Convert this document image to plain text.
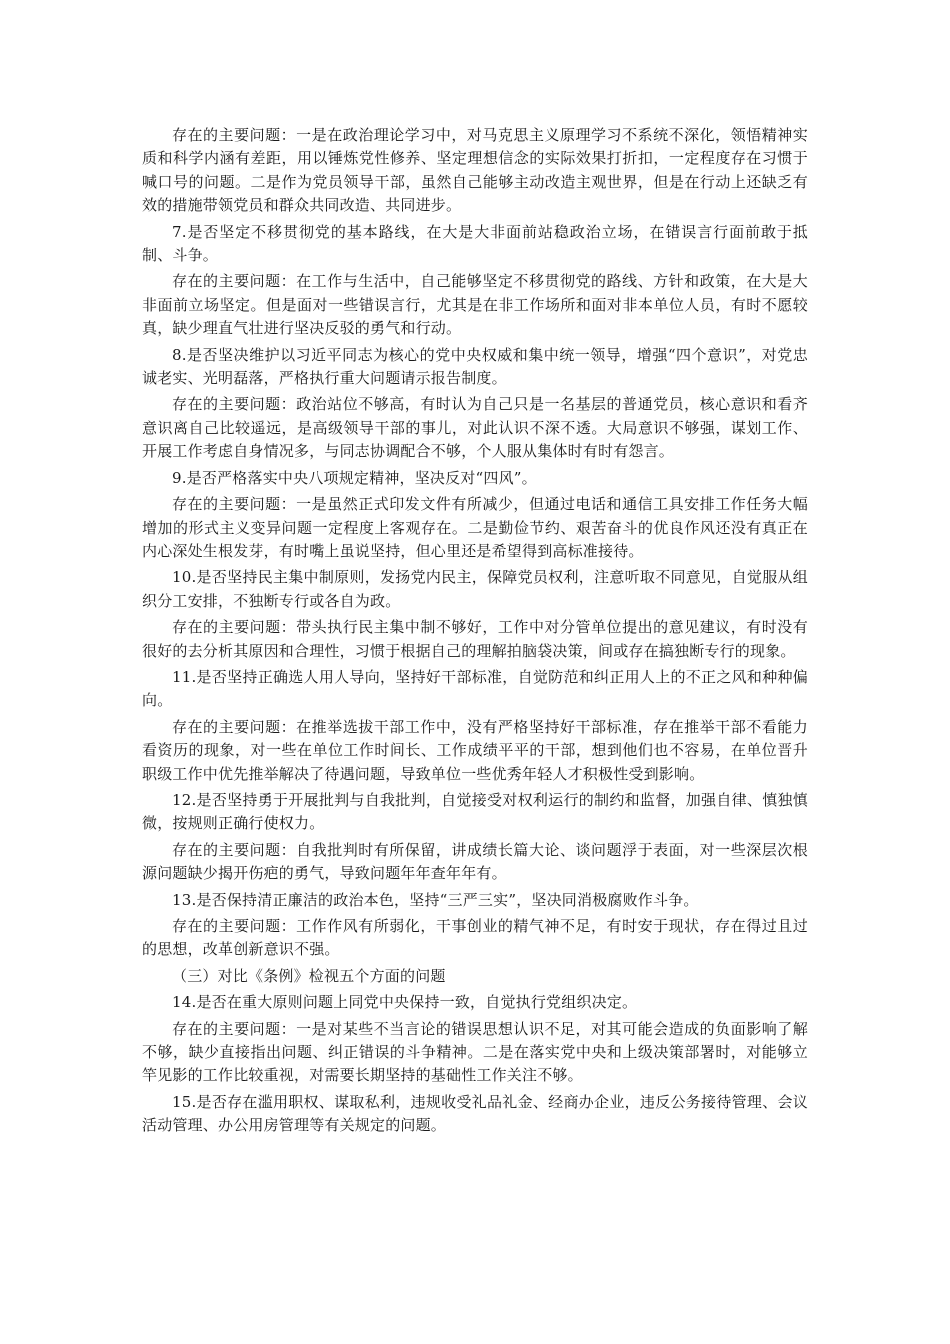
存在的主要问题：一是在政治理论学习中，对马克思主义原理学习不系统不深化，领悟精神实质和科学内涵有差距，用以锤炼党性修养、坚定理想信念的实际效果打折扣，一定程度存在习惯于喊口号的问题。二是作为党员领导干部，虽然自己能够主动改造主观世界，但是在行动上还缺乏有效的措施带领党员和群众共同改造、共同进步。

7.是否坚定不移贯彻党的基本路线，在大是大非面前站稳政治立场，在错误言行面前敢于抵制、斗争。

存在的主要问题：在工作与生活中，自己能够坚定不移贯彻党的路线、方针和政策，在大是大非面前立场坚定。但是面对一些错误言行，尤其是在非工作场所和面对非本单位人员，有时不愿较真，缺少理直气壮进行坚决反驳的勇气和行动。

8.是否坚决维护以习近平同志为核心的党中央权威和集中统一领导，增强“四个意识”，对党忠诚老实、光明磊落，严格执行重大问题请示报告制度。

存在的主要问题：政治站位不够高，有时认为自己只是一名基层的普通党员，核心意识和看齐意识离自己比较遥远，是高级领导干部的事儿，对此认识不深不透。大局意识不够强，谋划工作、开展工作考虑自身情况多，与同志协调配合不够，个人服从集体时有时有怨言。

9.是否严格落实中央八项规定精神，坚决反对“四风”。

存在的主要问题：一是虽然正式印发文件有所减少，但通过电话和通信工具安排工作任务大幅增加的形式主义变异问题一定程度上客观存在。二是勤俭节约、艰苦奋斗的优良作风还没有真正在内心深处生根发芽，有时嘴上虽说坚持，但心里还是希望得到高标准接待。

10.是否坚持民主集中制原则，发扬党内民主，保障党员权利，注意听取不同意见，自觉服从组织分工安排，不独断专行或各自为政。

存在的主要问题：带头执行民主集中制不够好，工作中对分管单位提出的意见建议，有时没有很好的去分析其原因和合理性，习惯于根据自己的理解拍脑袋决策，间或存在搞独断专行的现象。

11.是否坚持正确选人用人导向，坚持好干部标准，自觉防范和纠正用人上的不正之风和种种偏向。

存在的主要问题：在推举选拔干部工作中，没有严格坚持好干部标准，存在推举干部不看能力看资历的现象，对一些在单位工作时间长、工作成绩平平的干部，想到他们也不容易，在单位晋升职级工作中优先推举解决了待遇问题，导致单位一些优秀年轻人才积极性受到影响。

12.是否坚持勇于开展批判与自我批判，自觉接受对权利运行的制约和监督，加强自律、慎独慎微，按规则正确行使权力。

存在的主要问题：自我批判时有所保留，讲成绩长篇大论、谈问题浮于表面，对一些深层次根源问题缺少揭开伤疤的勇气，导致问题年年查年年有。

13.是否保持清正廉洁的政治本色，坚持“三严三实”，坚决同消极腐败作斗争。

存在的主要问题：工作作风有所弱化，干事创业的精气神不足，有时安于现状，存在得过且过的思想，改革创新意识不强。

（三）对比《条例》检视五个方面的问题

14.是否在重大原则问题上同党中央保持一致，自觉执行党组织决定。

存在的主要问题：一是对某些不当言论的错误思想认识不足，对其可能会造成的负面影响了解不够，缺少直接指出问题、纠正错误的斗争精神。二是在落实党中央和上级决策部署时，对能够立竿见影的工作比较重视，对需要长期坚持的基础性工作关注不够。

15.是否存在滥用职权、谋取私利，违规收受礼品礼金、经商办企业，违反公务接待管理、会议活动管理、办公用房管理等有关规定的问题。
